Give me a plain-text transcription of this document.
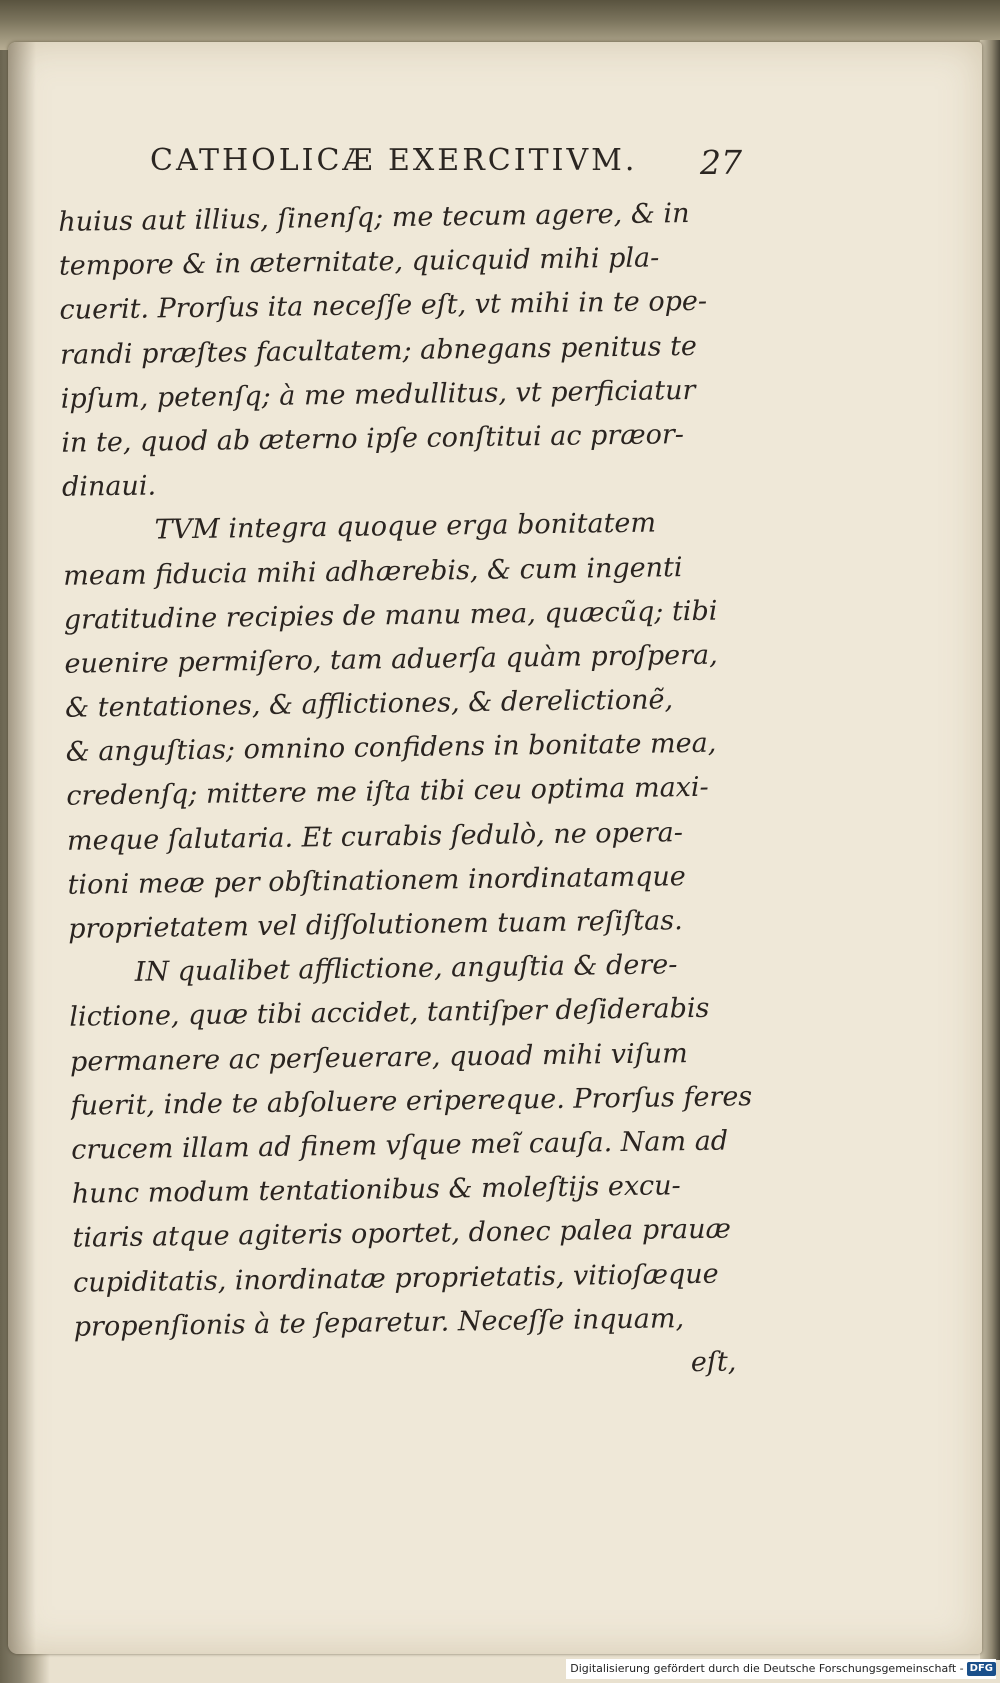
CATHOLICÆ EXERCITIVM.	27
huius aut illius, ſinenſq; me tecum agere, & in
tempore & in æternitate, quicquid mihi pla-
cuerit. Prorſus ita neceſſe eſt, vt mihi in te ope-
randi præſtes facultatem; abnegans penitus te
ipſum, petenſq; à me medullitus, vt perficiatur
in te, quod ab æterno ipſe conſtitui ac præor-
dinaui.
TVM integra quoque erga bonitatem
meam fiducia mihi adhærebis, & cum ingenti
gratitudine recipies de manu mea, quæcũq; tibi
euenire permiſero, tam aduerſa quàm proſpera,
& tentationes, & afflictiones, & derelictionẽ,
& anguſtias; omnino confidens in bonitate mea,
credenſq; mittere me iſta tibi ceu optima maxi-
meque ſalutaria. Et curabis ſedulò, ne opera-
tioni meæ per obſtinationem inordinatamque
proprietatem vel diſſolutionem tuam reſiſtas.
IN qualibet afflictione, anguſtia & dere-
lictione, quæ tibi accidet, tantiſper deſiderabis
permanere ac perſeuerare, quoad mihi viſum
fuerit, inde te abſoluere eripereque. Prorſus feres
crucem illam ad finem vſque meĩ cauſa. Nam ad
hunc modum tentationibus & moleſtijs excu-
tiaris atque agiteris oportet, donec palea prauæ
cupiditatis, inordinatæ proprietatis, vitioſæque
propenſionis à te ſeparetur. Neceſſe inquam,
eſt,
Digitalisierung gefördert durch die Deutsche Forschungsgemeinschaft - DFG
